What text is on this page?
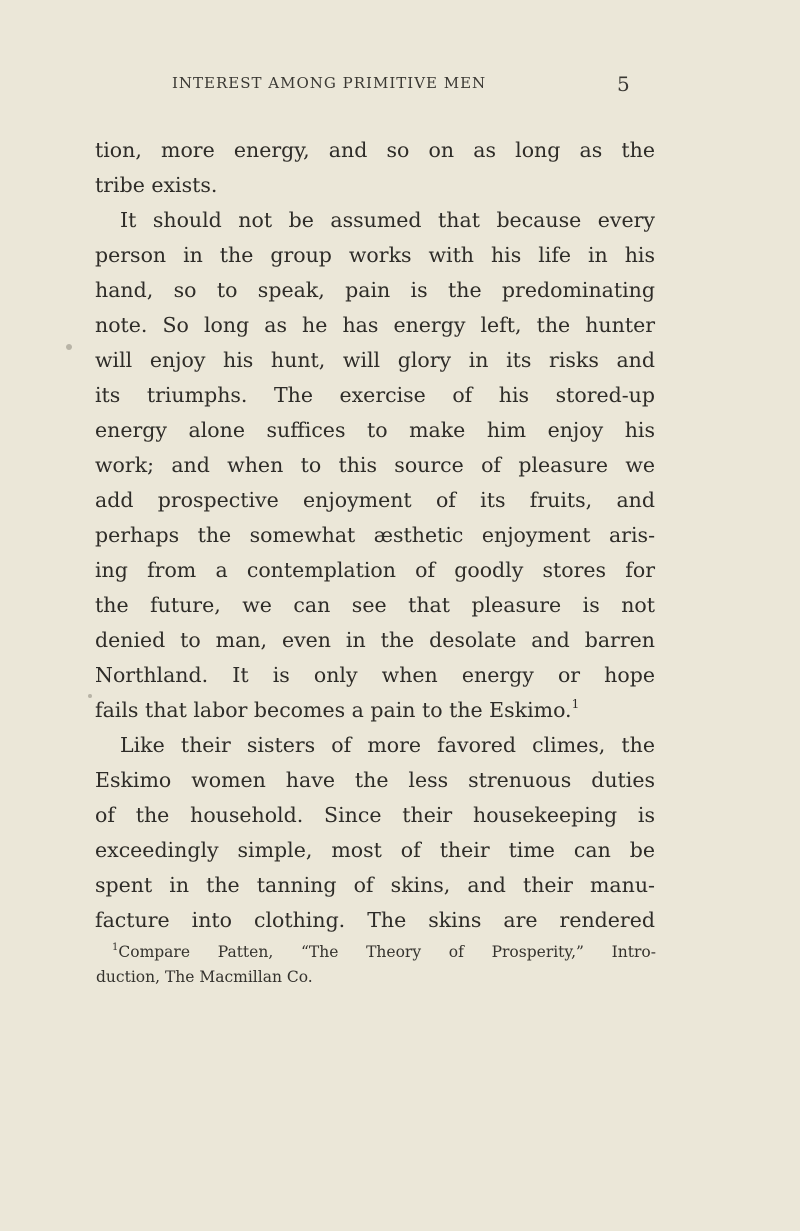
INTEREST AMONG PRIMITIVE MEN	5
tion, more energy, and so on as long as the
tribe exists.
It should not be assumed that because every
person in the group works with his life in his
hand, so to speak, pain is the predominating
note. So long as he has energy left, the hunter
will enjoy his hunt, will glory in its risks and
its triumphs. The exercise of his stored-up
energy alone suffices to make him enjoy his
work; and when to this source of pleasure we
add prospective enjoyment of its fruits, and
perhaps the somewhat æsthetic enjoyment aris-
ing from a contemplation of goodly stores for
the future, we can see that pleasure is not
denied to man, even in the desolate and barren
Northland. It is only when energy or hope
fails that labor becomes a pain to the Eskimo.$^1$
Like their sisters of more favored climes, the
Eskimo women have the less strenuous duties
of the household. Since their housekeeping is
exceedingly simple, most of their time can be
spent in the tanning of skins, and their manu-
facture into clothing. The skins are rendered
$^1$Compare Patten, “The Theory of Prosperity,” Intro-
duction, The Macmillan Co.
